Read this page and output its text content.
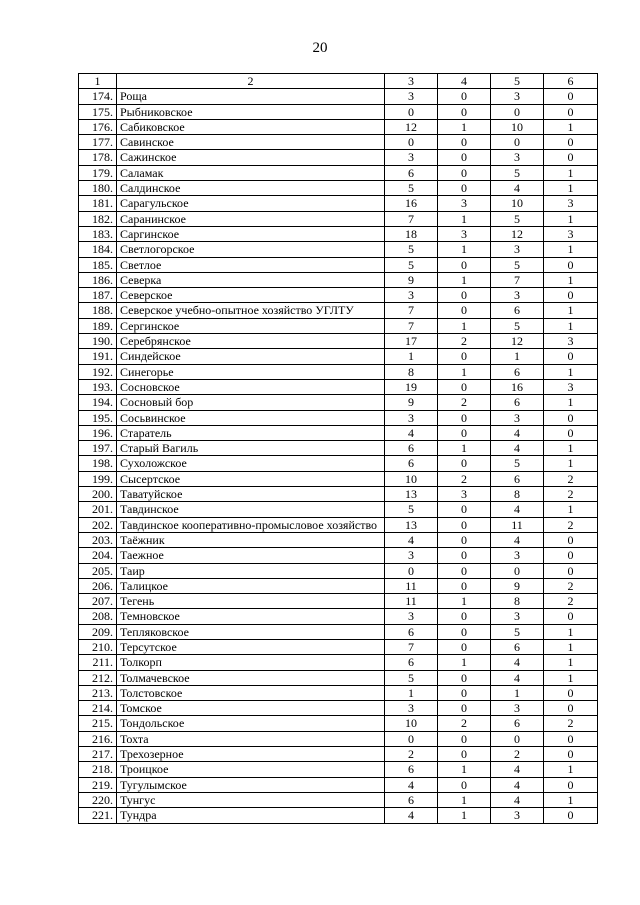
20
1	2	3	4	5	6
174.	Роща	3	0	3	0
175.	Рыбниковское	0	0	0	0
176.	Сабиковское	12	1	10	1
177.	Савинское	0	0	0	0
178.	Сажинское	3	0	3	0
179.	Саламак	6	0	5	1
180.	Салдинское	5	0	4	1
181.	Сарагульское	16	3	10	3
182.	Саранинское	7	1	5	1
183.	Саргинское	18	3	12	3
184.	Светлогорское	5	1	3	1
185.	Светлое	5	0	5	0
186.	Северка	9	1	7	1
187.	Северское	3	0	3	0
188.	Северское учебно-опытное хозяйство УГЛТУ	7	0	6	1
189.	Сергинское	7	1	5	1
190.	Серебрянское	17	2	12	3
191.	Синдейское	1	0	1	0
192.	Синегорье	8	1	6	1
193.	Сосновское	19	0	16	3
194.	Сосновый бор	9	2	6	1
195.	Сосьвинское	3	0	3	0
196.	Старатель	4	0	4	0
197.	Старый Вагиль	6	1	4	1
198.	Сухоложское	6	0	5	1
199.	Сысертское	10	2	6	2
200.	Таватуйское	13	3	8	2
201.	Тавдинское	5	0	4	1
202.	Тавдинское кооперативно-промысловое хозяйство	13	0	11	2
203.	Таёжник	4	0	4	0
204.	Таежное	3	0	3	0
205.	Таир	0	0	0	0
206.	Талицкое	11	0	9	2
207.	Тегень	11	1	8	2
208.	Темновское	3	0	3	0
209.	Тепляковское	6	0	5	1
210.	Терсутское	7	0	6	1
211.	Толкорп	6	1	4	1
212.	Толмачевское	5	0	4	1
213.	Толстовское	1	0	1	0
214.	Томское	3	0	3	0
215.	Тондольское	10	2	6	2
216.	Тохта	0	0	0	0
217.	Трехозерное	2	0	2	0
218.	Троицкое	6	1	4	1
219.	Тугулымское	4	0	4	0
220.	Тунгус	6	1	4	1
221.	Тундра	4	1	3	0
